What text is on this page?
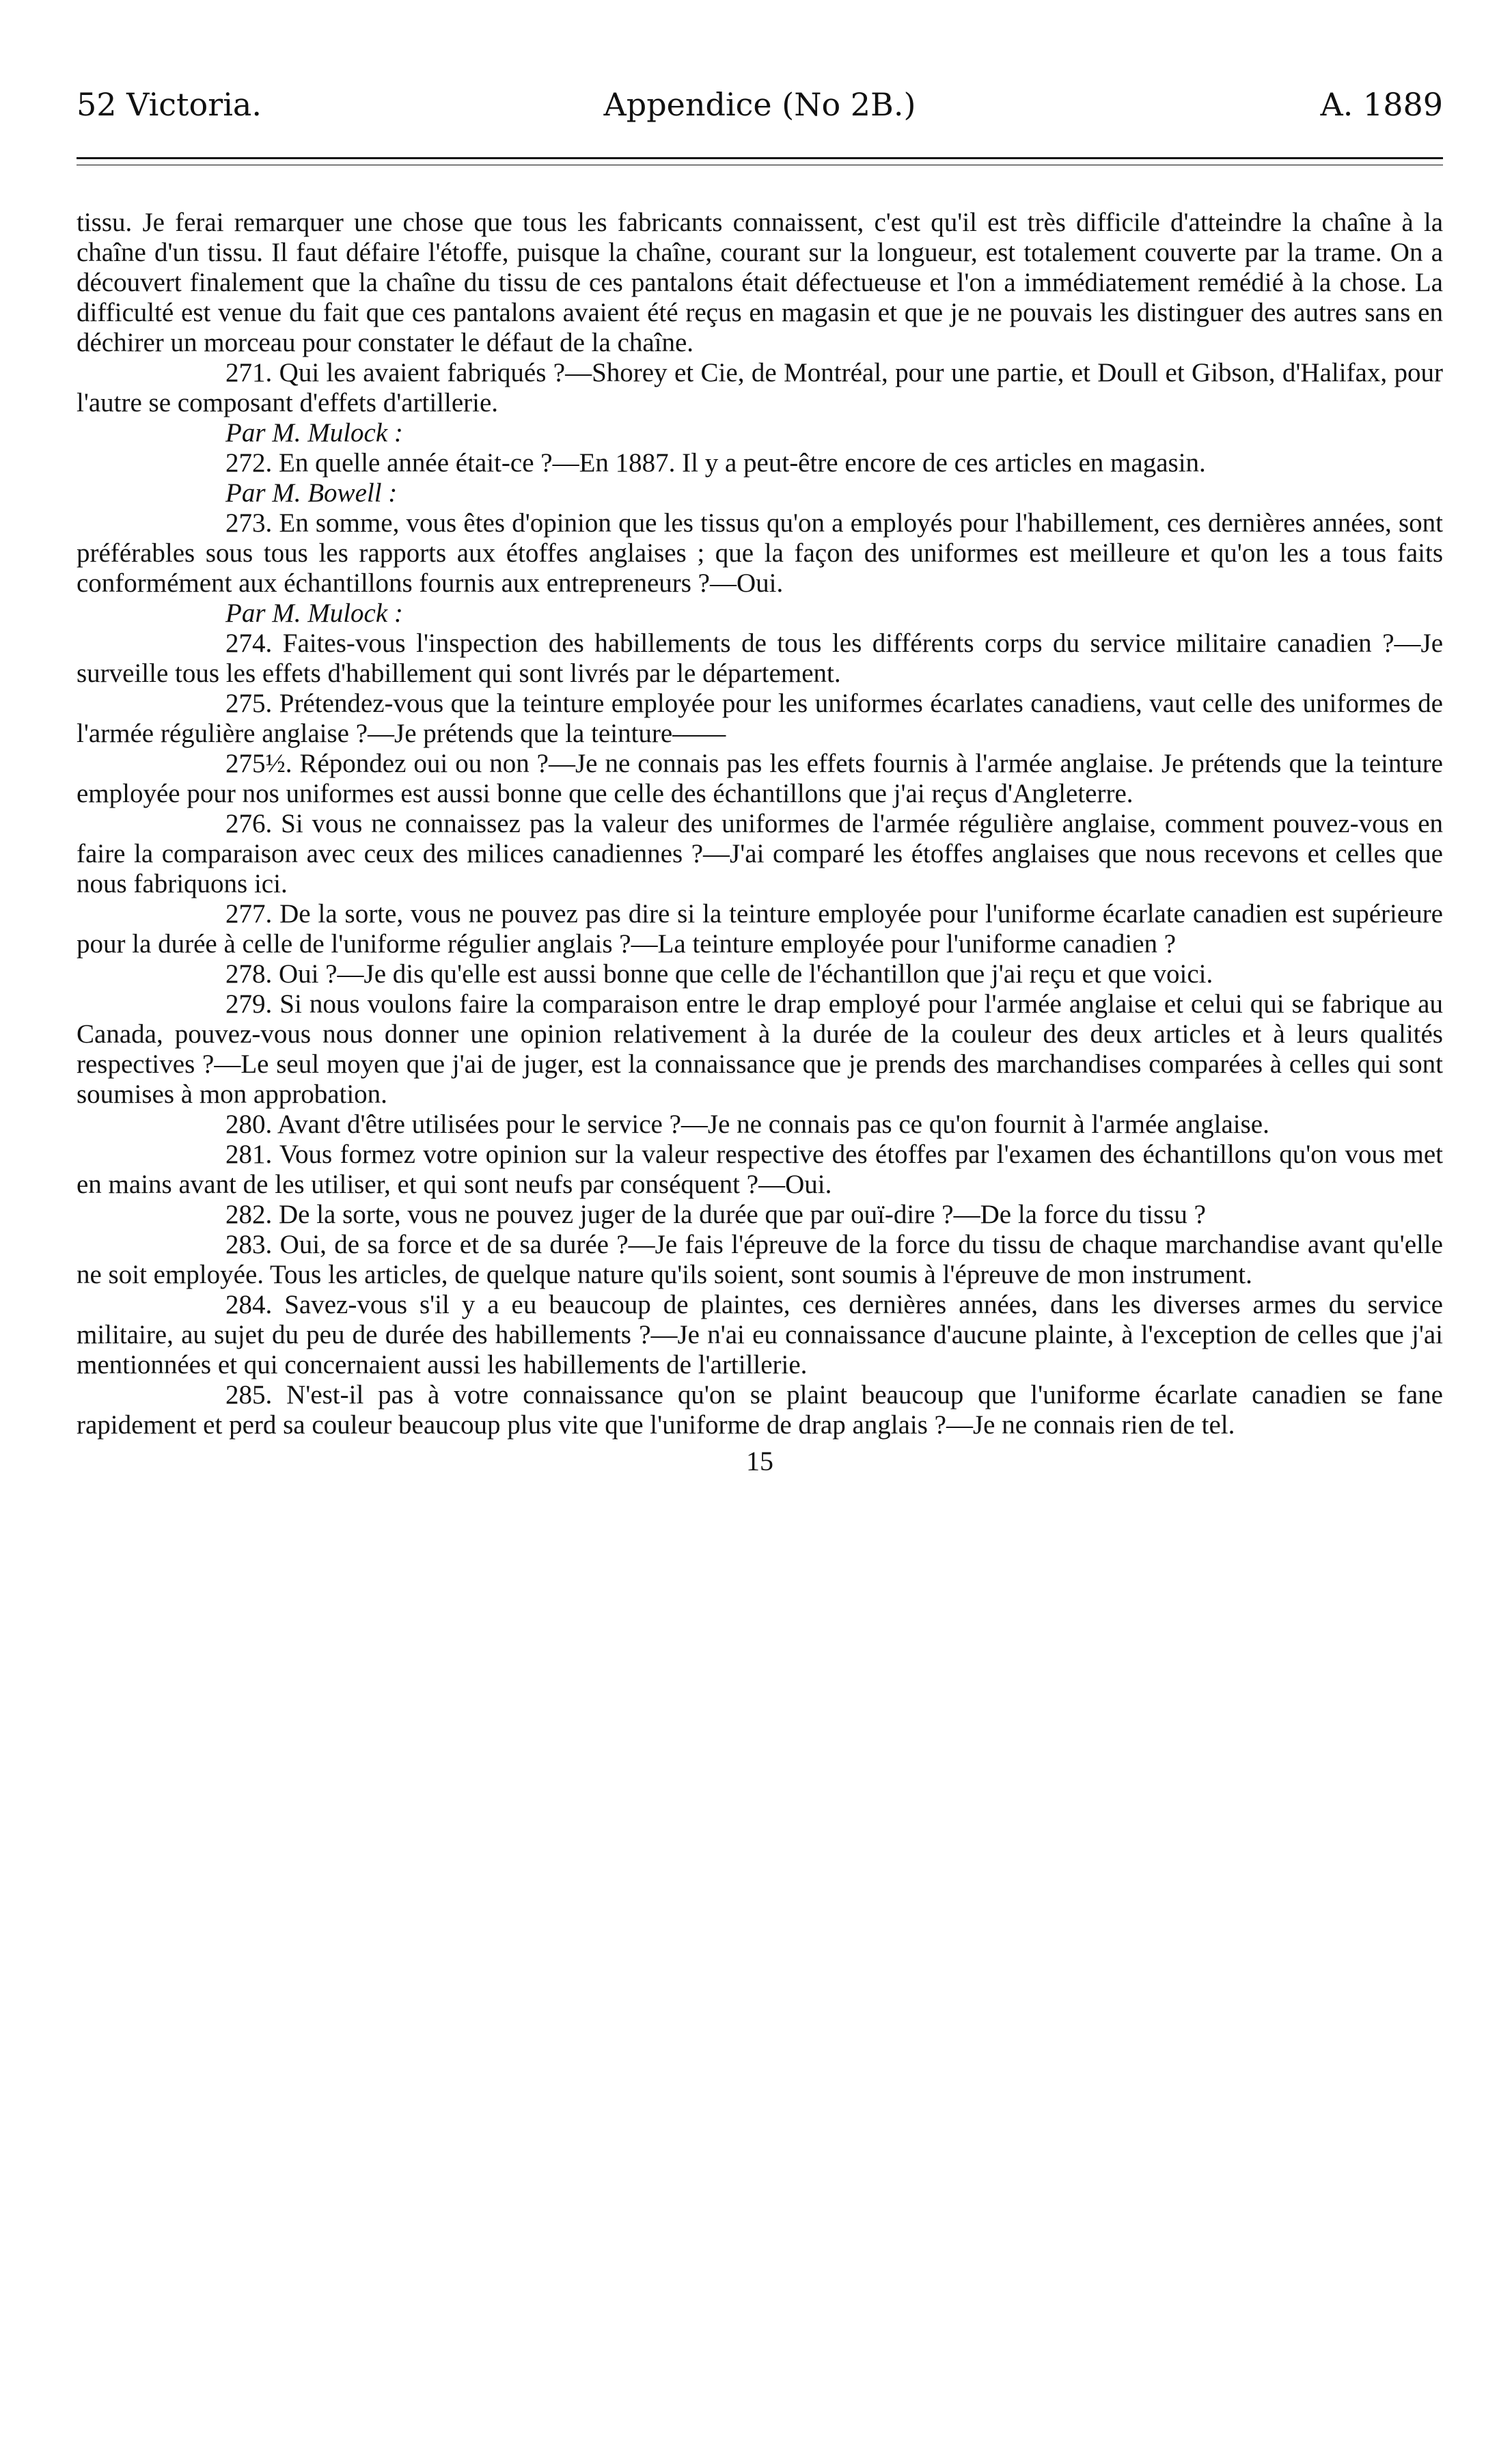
52 Victoria.	Appendice (No 2B.)	A. 1889

tissu. Je ferai remarquer une chose que tous les fabricants connaissent, c'est qu'il est très difficile d'atteindre la chaîne à la chaîne d'un tissu. Il faut défaire l'étoffe, puisque la chaîne, courant sur la longueur, est totalement couverte par la trame. On a découvert finalement que la chaîne du tissu de ces pantalons était défectueuse et l'on a immédiatement remédié à la chose. La difficulté est venue du fait que ces pantalons avaient été reçus en magasin et que je ne pouvais les distinguer des autres sans en déchirer un morceau pour constater le défaut de la chaîne.

271. Qui les avaient fabriqués ?—Shorey et Cie, de Montréal, pour une partie, et Doull et Gibson, d'Halifax, pour l'autre se composant d'effets d'artillerie.

Par M. Mulock :

272. En quelle année était-ce ?—En 1887. Il y a peut-être encore de ces articles en magasin.

Par M. Bowell :

273. En somme, vous êtes d'opinion que les tissus qu'on a employés pour l'habillement, ces dernières années, sont préférables sous tous les rapports aux étoffes anglaises ; que la façon des uniformes est meilleure et qu'on les a tous faits conformément aux échantillons fournis aux entrepreneurs ?—Oui.

Par M. Mulock :

274. Faites-vous l'inspection des habillements de tous les différents corps du service militaire canadien ?—Je surveille tous les effets d'habillement qui sont livrés par le département.

275. Prétendez-vous que la teinture employée pour les uniformes écarlates canadiens, vaut celle des uniformes de l'armée régulière anglaise ?—Je prétends que la teinture——

275½. Répondez oui ou non ?—Je ne connais pas les effets fournis à l'armée anglaise. Je prétends que la teinture employée pour nos uniformes est aussi bonne que celle des échantillons que j'ai reçus d'Angleterre.

276. Si vous ne connaissez pas la valeur des uniformes de l'armée régulière anglaise, comment pouvez-vous en faire la comparaison avec ceux des milices canadiennes ?—J'ai comparé les étoffes anglaises que nous recevons et celles que nous fabriquons ici.

277. De la sorte, vous ne pouvez pas dire si la teinture employée pour l'uniforme écarlate canadien est supérieure pour la durée à celle de l'uniforme régulier anglais ?—La teinture employée pour l'uniforme canadien ?

278. Oui ?—Je dis qu'elle est aussi bonne que celle de l'échantillon que j'ai reçu et que voici.

279. Si nous voulons faire la comparaison entre le drap employé pour l'armée anglaise et celui qui se fabrique au Canada, pouvez-vous nous donner une opinion relativement à la durée de la couleur des deux articles et à leurs qualités respectives ?—Le seul moyen que j'ai de juger, est la connaissance que je prends des marchandises comparées à celles qui sont soumises à mon approbation.

280. Avant d'être utilisées pour le service ?—Je ne connais pas ce qu'on fournit à l'armée anglaise.

281. Vous formez votre opinion sur la valeur respective des étoffes par l'examen des échantillons qu'on vous met en mains avant de les utiliser, et qui sont neufs par conséquent ?—Oui.

282. De la sorte, vous ne pouvez juger de la durée que par ouï-dire ?—De la force du tissu ?

283. Oui, de sa force et de sa durée ?—Je fais l'épreuve de la force du tissu de chaque marchandise avant qu'elle ne soit employée. Tous les articles, de quelque nature qu'ils soient, sont soumis à l'épreuve de mon instrument.

284. Savez-vous s'il y a eu beaucoup de plaintes, ces dernières années, dans les diverses armes du service militaire, au sujet du peu de durée des habillements ?—Je n'ai eu connaissance d'aucune plainte, à l'exception de celles que j'ai mentionnées et qui concernaient aussi les habillements de l'artillerie.

285. N'est-il pas à votre connaissance qu'on se plaint beaucoup que l'uniforme écarlate canadien se fane rapidement et perd sa couleur beaucoup plus vite que l'uniforme de drap anglais ?—Je ne connais rien de tel.

15
